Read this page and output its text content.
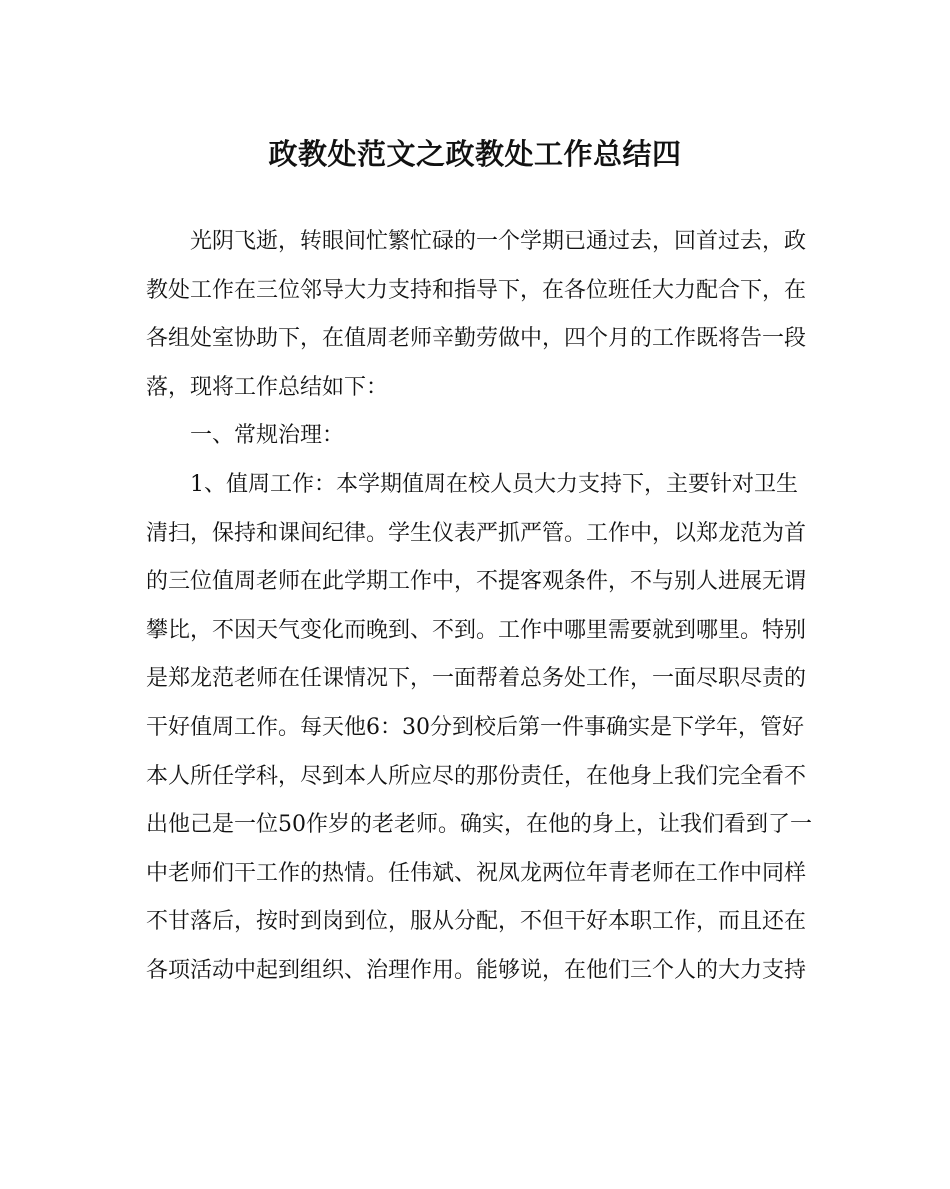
政教处范文之政教处工作总结四
光阴飞逝，转眼间忙繁忙碌的一个学期已通过去，回首过去，政
教处工作在三位邻导大力支持和指导下，在各位班任大力配合下，在
各组处室协助下，在值周老师辛勤劳做中，四个月的工作既将告一段
落，现将工作总结如下：
一、常规治理：
1、值周工作：本学期值周在校人员大力支持下，主要针对卫生
清扫，保持和课间纪律。学生仪表严抓严管。工作中，以郑龙范为首
的三位值周老师在此学期工作中，不提客观条件，不与别人进展无谓
攀比，不因天气变化而晚到、不到。工作中哪里需要就到哪里。特别
是郑龙范老师在任课情况下，一面帮着总务处工作，一面尽职尽责的
干好值周工作。每天他6：30分到校后第一件事确实是下学年，管好
本人所任学科，尽到本人所应尽的那份责任，在他身上我们完全看不
出他己是一位50作岁的老老师。确实，在他的身上，让我们看到了一
中老师们干工作的热情。任伟斌、祝凤龙两位年青老师在工作中同样
不甘落后，按时到岗到位，服从分配，不但干好本职工作，而且还在
各项活动中起到组织、治理作用。能够说，在他们三个人的大力支持
